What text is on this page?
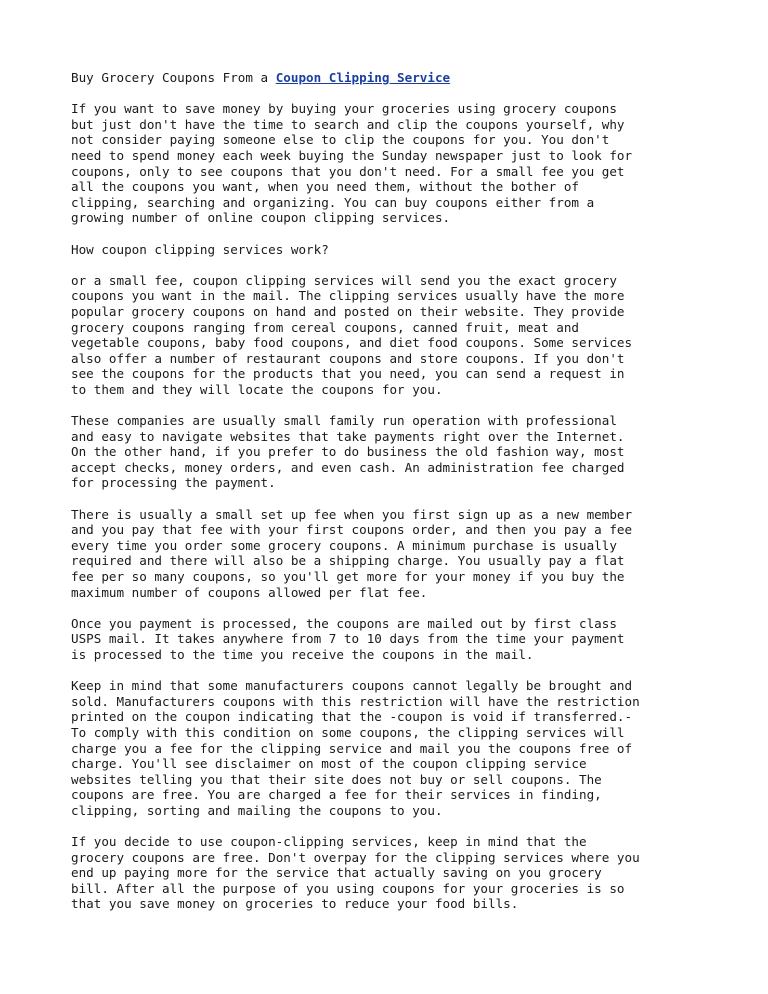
Buy Grocery Coupons From a Coupon Clipping Service

If you want to save money by buying your groceries using grocery coupons
but just don't have the time to search and clip the coupons yourself, why
not consider paying someone else to clip the coupons for you. You don't
need to spend money each week buying the Sunday newspaper just to look for
coupons, only to see coupons that you don't need. For a small fee you get
all the coupons you want, when you need them, without the bother of
clipping, searching and organizing. You can buy coupons either from a
growing number of online coupon clipping services.

How coupon clipping services work?

or a small fee, coupon clipping services will send you the exact grocery
coupons you want in the mail. The clipping services usually have the more
popular grocery coupons on hand and posted on their website. They provide
grocery coupons ranging from cereal coupons, canned fruit, meat and
vegetable coupons, baby food coupons, and diet food coupons. Some services
also offer a number of restaurant coupons and store coupons. If you don't
see the coupons for the products that you need, you can send a request in
to them and they will locate the coupons for you.

These companies are usually small family run operation with professional
and easy to navigate websites that take payments right over the Internet.
On the other hand, if you prefer to do business the old fashion way, most
accept checks, money orders, and even cash. An administration fee charged
for processing the payment.

There is usually a small set up fee when you first sign up as a new member
and you pay that fee with your first coupons order, and then you pay a fee
every time you order some grocery coupons. A minimum purchase is usually
required and there will also be a shipping charge. You usually pay a flat
fee per so many coupons, so you'll get more for your money if you buy the
maximum number of coupons allowed per flat fee.

Once you payment is processed, the coupons are mailed out by first class
USPS mail. It takes anywhere from 7 to 10 days from the time your payment
is processed to the time you receive the coupons in the mail.

Keep in mind that some manufacturers coupons cannot legally be brought and
sold. Manufacturers coupons with this restriction will have the restriction
printed on the coupon indicating that the -coupon is void if transferred.-
To comply with this condition on some coupons, the clipping services will
charge you a fee for the clipping service and mail you the coupons free of
charge. You'll see disclaimer on most of the coupon clipping service
websites telling you that their site does not buy or sell coupons. The
coupons are free. You are charged a fee for their services in finding,
clipping, sorting and mailing the coupons to you.

If you decide to use coupon-clipping services, keep in mind that the
grocery coupons are free. Don't overpay for the clipping services where you
end up paying more for the service that actually saving on you grocery
bill. After all the purpose of you using coupons for your groceries is so
that you save money on groceries to reduce your food bills.
